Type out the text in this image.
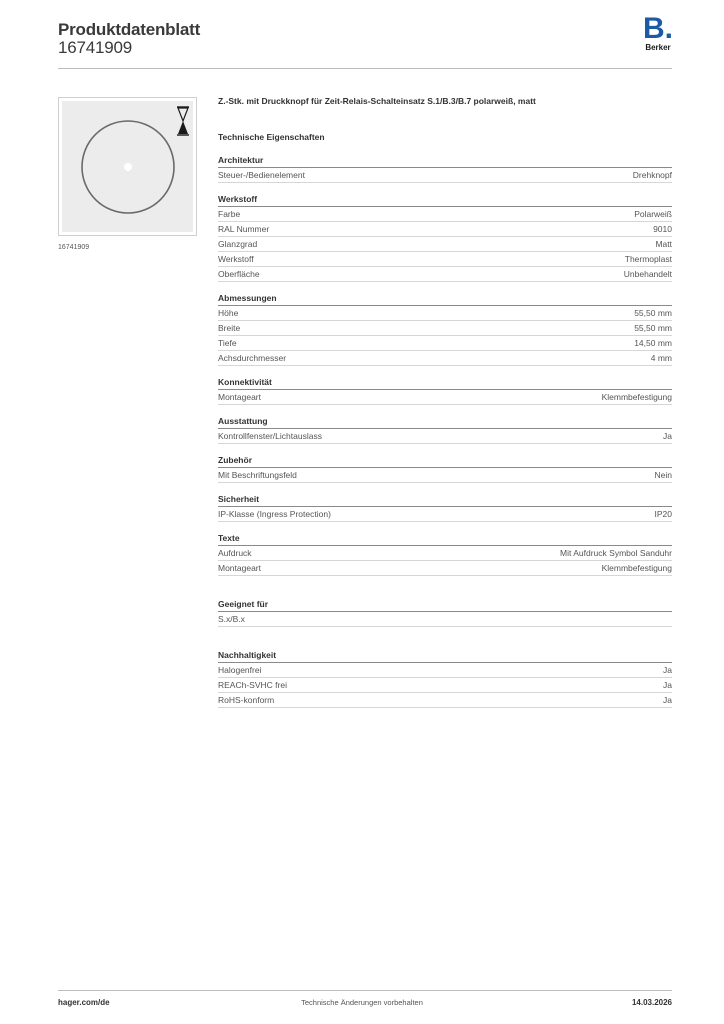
Produktdatenblatt
16741909
B.
Berker
16741909
Z.-Stk. mit Druckknopf für Zeit-Relais-Schalteinsatz S.1/B.3/B.7 polarweiß, matt
Technische Eigenschaften
Architektur
Steuer-/Bedienelement	Drehknopf
Werkstoff
Farbe	Polarweiß
RAL Nummer	9010
Glanzgrad	Matt
Werkstoff	Thermoplast
Oberfläche	Unbehandelt
Abmessungen
Höhe	55,50 mm
Breite	55,50 mm
Tiefe	14,50 mm
Achsdurchmesser	4 mm
Konnektivität
Montageart	Klemmbefestigung
Ausstattung
Kontrollfenster/Lichtauslass	Ja
Zubehör
Mit Beschriftungsfeld	Nein
Sicherheit
IP-Klasse (Ingress Protection)	IP20
Texte
Aufdruck	Mit Aufdruck Symbol Sanduhr
Montageart	Klemmbefestigung
Geeignet für
S.x/B.x
Nachhaltigkeit
Halogenfrei	Ja
REACh-SVHC frei	Ja
RoHS-konform	Ja
hager.com/de	Technische Änderungen vorbehalten	14.03.2026
